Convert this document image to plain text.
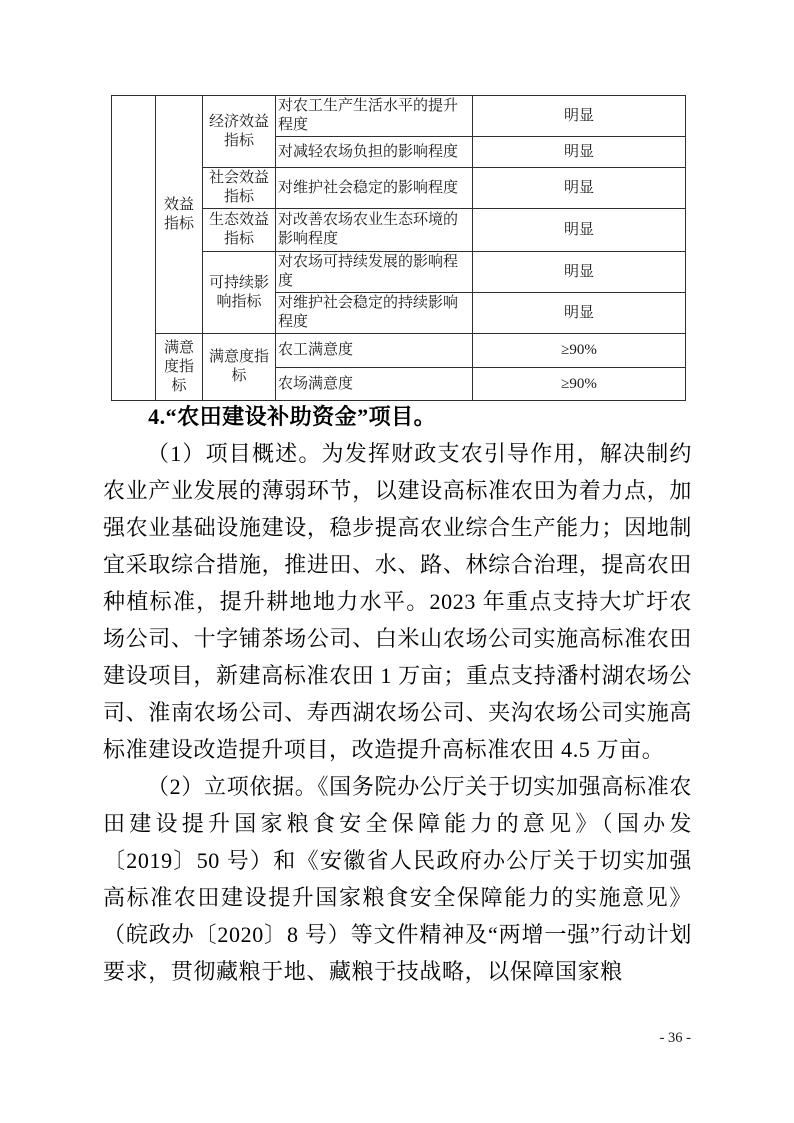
	效益指标	经济效益指标	对农工生产生活水平的提升程度	明显
			对减轻农场负担的影响程度	明显
		社会效益指标	对维护社会稳定的影响程度	明显
		生态效益指标	对改善农场农业生态环境的影响程度	明显
		可持续影响指标	对农场可持续发展的影响程度	明显
			对维护社会稳定的持续影响程度	明显
	满意度指标	满意度指标	农工满意度	≥90%
			农场满意度	≥90%
4.“农田建设补助资金”项目。

（1）项目概述。为发挥财政支农引导作用，解决制约农业产业发展的薄弱环节，以建设高标准农田为着力点，加强农业基础设施建设，稳步提高农业综合生产能力；因地制宜采取综合措施，推进田、水、路、林综合治理，提高农田种植标准，提升耕地地力水平。2023 年重点支持大圹圩农场公司、十字铺茶场公司、白米山农场公司实施高标准农田建设项目，新建高标准农田 1 万亩；重点支持潘村湖农场公司、淮南农场公司、寿西湖农场公司、夹沟农场公司实施高标准建设改造提升项目，改造提升高标准农田 4.5 万亩。

（2）立项依据。《国务院办公厅关于切实加强高标准农田建设提升国家粮食安全保障能力的意见》（国办发〔2019〕50 号）和《安徽省人民政府办公厅关于切实加强高标准农田建设提升国家粮食安全保障能力的实施意见》（皖政办〔2020〕8 号）等文件精神及“两增一强”行动计划要求，贯彻藏粮于地、藏粮于技战略，以保障国家粮

- 36 -
